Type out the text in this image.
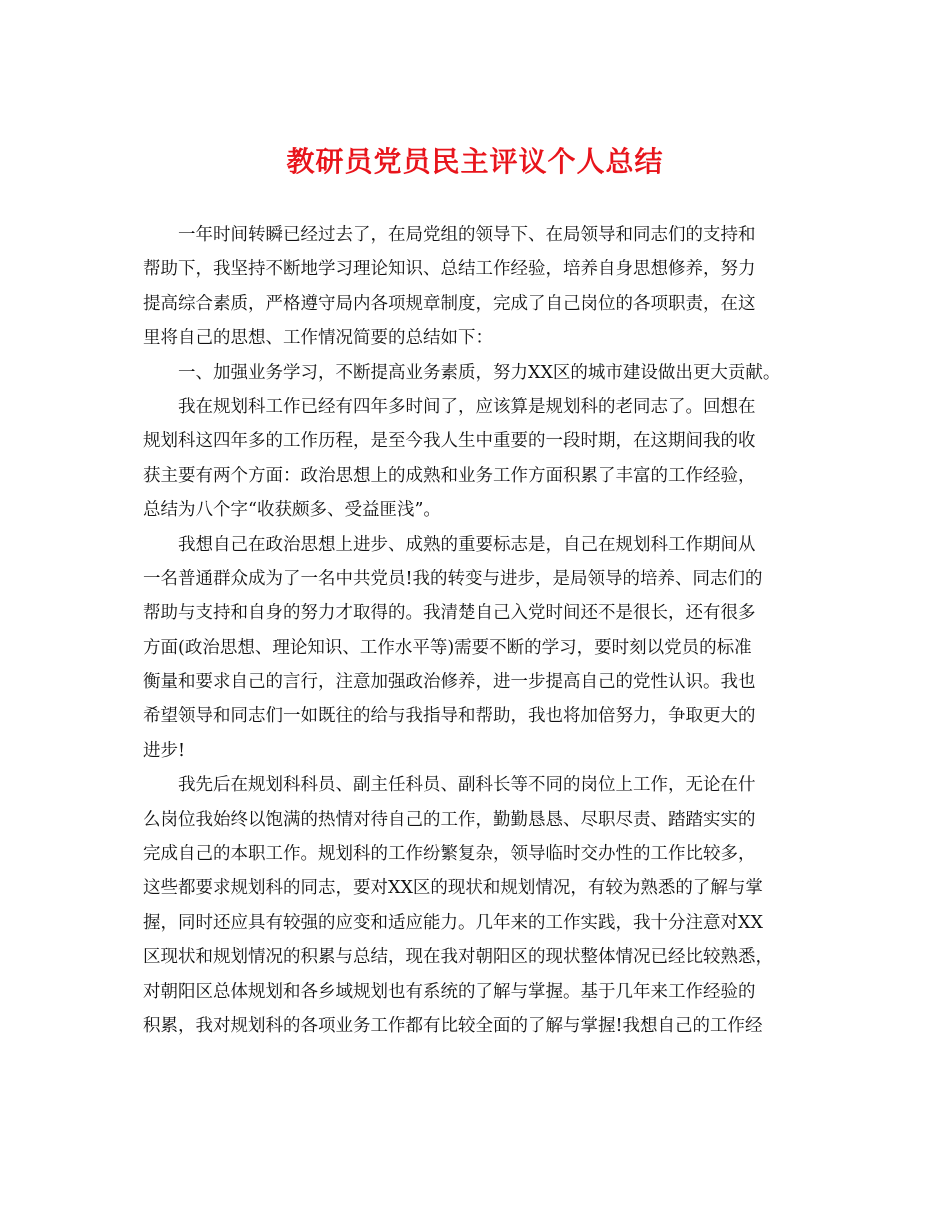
教研员党员民主评议个人总结
一年时间转瞬已经过去了，在局党组的领导下、在局领导和同志们的支持和
帮助下，我坚持不断地学习理论知识、总结工作经验，培养自身思想修养，努力
提高综合素质，严格遵守局内各项规章制度，完成了自己岗位的各项职责，在这
里将自己的思想、工作情况简要的总结如下：
一、加强业务学习，不断提高业务素质，努力XX区的城市建设做出更大贡献。
我在规划科工作已经有四年多时间了，应该算是规划科的老同志了。回想在
规划科这四年多的工作历程，是至今我人生中重要的一段时期，在这期间我的收
获主要有两个方面：政治思想上的成熟和业务工作方面积累了丰富的工作经验，
总结为八个字“收获颇多、受益匪浅”。
我想自己在政治思想上进步、成熟的重要标志是，自己在规划科工作期间从
一名普通群众成为了一名中共党员!我的转变与进步，是局领导的培养、同志们的
帮助与支持和自身的努力才取得的。我清楚自己入党时间还不是很长，还有很多
方面(政治思想、理论知识、工作水平等)需要不断的学习，要时刻以党员的标准
衡量和要求自己的言行，注意加强政治修养，进一步提高自己的党性认识。我也
希望领导和同志们一如既往的给与我指导和帮助，我也将加倍努力，争取更大的
进步!
我先后在规划科科员、副主任科员、副科长等不同的岗位上工作，无论在什
么岗位我始终以饱满的热情对待自己的工作，勤勤恳恳、尽职尽责、踏踏实实的
完成自己的本职工作。规划科的工作纷繁复杂，领导临时交办性的工作比较多，
这些都要求规划科的同志，要对XX区的现状和规划情况，有较为熟悉的了解与掌
握，同时还应具有较强的应变和适应能力。几年来的工作实践，我十分注意对XX
区现状和规划情况的积累与总结，现在我对朝阳区的现状整体情况已经比较熟悉，
对朝阳区总体规划和各乡域规划也有系统的了解与掌握。基于几年来工作经验的
积累，我对规划科的各项业务工作都有比较全面的了解与掌握!我想自己的工作经
